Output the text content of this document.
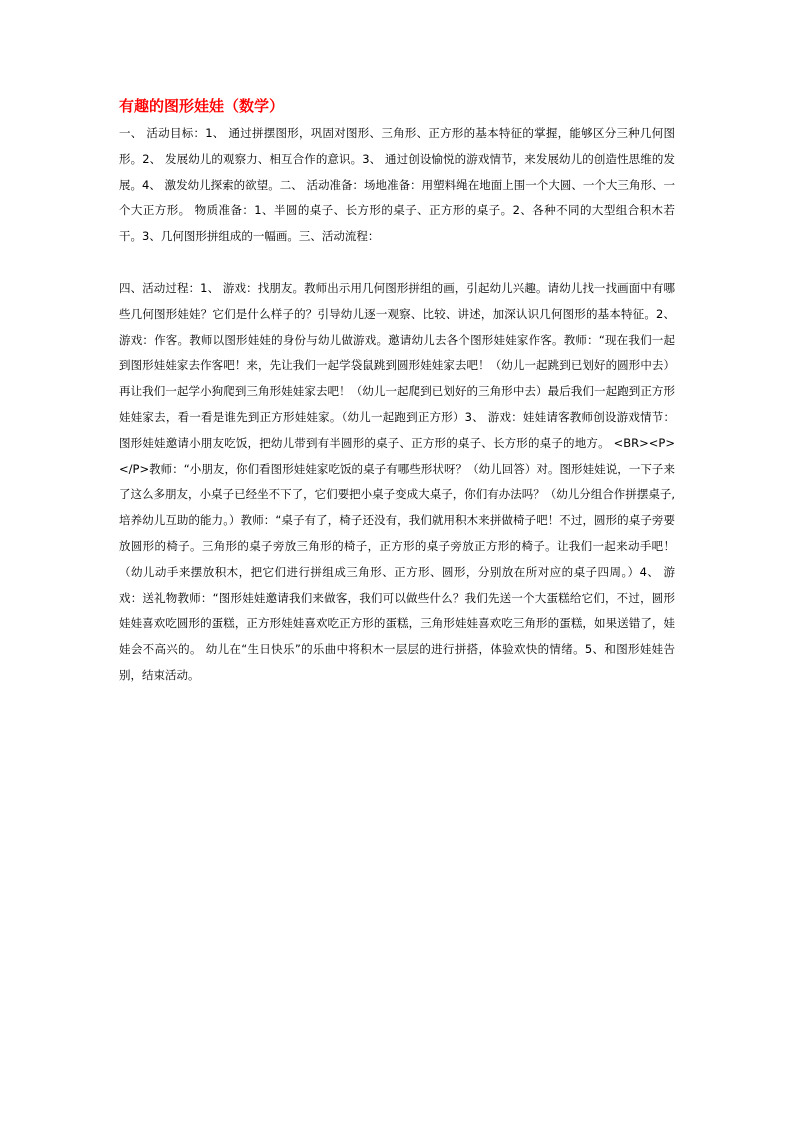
有趣的图形娃娃（数学）

一、 活动目标：1、 通过拼摆图形，巩固对图形、三角形、正方形的基本特征的掌握，能够区分三种几何图形。2、 发展幼儿的观察力、相互合作的意识。3、 通过创设愉悦的游戏情节，来发展幼儿的创造性思维的发展。4、 激发幼儿探索的欲望。二、 活动准备：场地准备：用塑料绳在地面上围一个大圆、一个大三角形、一个大正方形。 物质准备：1、半圆的桌子、长方形的桌子、正方形的桌子。2、各种不同的大型组合积木若干。3、几何图形拼组成的一幅画。三、活动流程：

四、活动过程：1、 游戏：找朋友。教师出示用几何图形拼组的画，引起幼儿兴趣。请幼儿找一找画面中有哪些几何图形娃娃？它们是什么样子的？引导幼儿逐一观察、比较、讲述，加深认识几何图形的基本特征。2、 游戏：作客。教师以图形娃娃的身份与幼儿做游戏。邀请幼儿去各个图形娃娃家作客。教师：“现在我们一起到图形娃娃家去作客吧！来，先让我们一起学袋鼠跳到圆形娃娃家去吧！（幼儿一起跳到已划好的圆形中去）再让我们一起学小狗爬到三角形娃娃家去吧！（幼儿一起爬到已划好的三角形中去）最后我们一起跑到正方形娃娃家去，看一看是谁先到正方形娃娃家。（幼儿一起跑到正方形）3、 游戏：娃娃请客教师创设游戏情节：图形娃娃邀请小朋友吃饭，把幼儿带到有半圆形的桌子、正方形的桌子、长方形的桌子的地方。 <BR><P></P>教师：“小朋友，你们看图形娃娃家吃饭的桌子有哪些形状呀？（幼儿回答）对。图形娃娃说，一下子来了这么多朋友，小桌子已经坐不下了，它们要把小桌子变成大桌子，你们有办法吗？（幼儿分组合作拼摆桌子,培养幼儿互助的能力。）教师：“桌子有了，椅子还没有，我们就用积木来拼做椅子吧！不过，圆形的桌子旁要放圆形的椅子。三角形的桌子旁放三角形的椅子，正方形的桌子旁放正方形的椅子。让我们一起来动手吧！（幼儿动手来摆放积木，把它们进行拼组成三角形、正方形、圆形，分别放在所对应的桌子四周。）4、 游戏：送礼物教师：“图形娃娃邀请我们来做客，我们可以做些什么？我们先送一个大蛋糕给它们，不过，圆形娃娃喜欢吃圆形的蛋糕，正方形娃娃喜欢吃正方形的蛋糕，三角形娃娃喜欢吃三角形的蛋糕，如果送错了，娃娃会不高兴的。 幼儿在“生日快乐”的乐曲中将积木一层层的进行拼搭，体验欢快的情绪。5、和图形娃娃告别，结束活动。
